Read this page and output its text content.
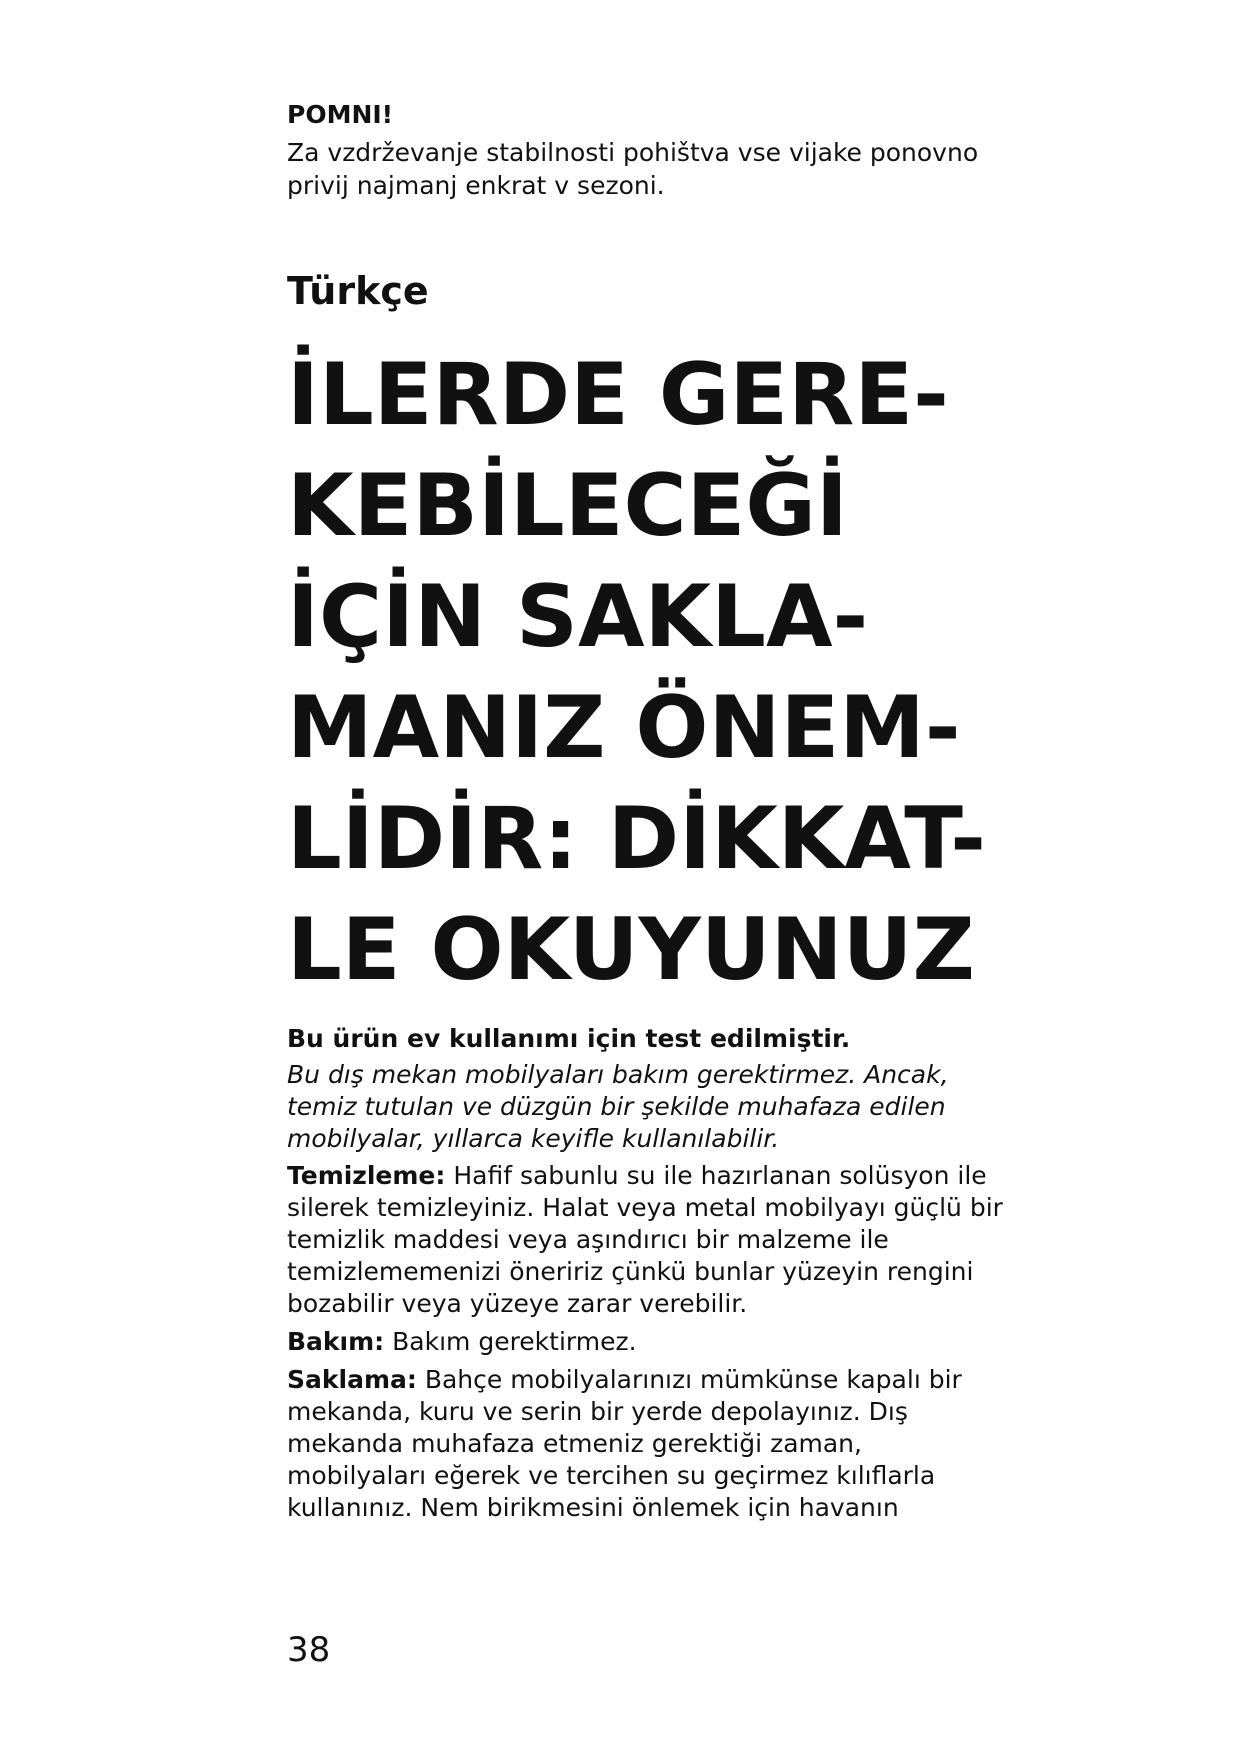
POMNI!

Za vzdrževanje stabilnosti pohištva vse vijake ponovno privij najmanj enkrat v sezoni.

Türkçe
İLERDE GERE-
KEBİLECEĞİ
İÇİN SAKLA-
MANIZ ÖNEM-
LİDİR: DİKKAT-
LE OKUYUNUZ

Bu ürün ev kullanımı için test edilmiştir.

Bu dış mekan mobilyaları bakım gerektirmez. Ancak, temiz tutulan ve düzgün bir şekilde muhafaza edilen mobilyalar, yıllarca keyifle kullanılabilir.

Temizleme: Hafif sabunlu su ile hazırlanan solüsyon ile silerek temizleyiniz. Halat veya metal mobilyayı güçlü bir temizlik maddesi veya aşındırıcı bir malzeme ile temizlememenizi öneririz çünkü bunlar yüzeyin rengini bozabilir veya yüzeye zarar verebilir.

Bakım: Bakım gerektirmez.

Saklama: Bahçe mobilyalarınızı mümkünse kapalı bir mekanda, kuru ve serin bir yerde depolayınız. Dış mekanda muhafaza etmeniz gerektiği zaman, mobilyaları eğerek ve tercihen su geçirmez kılıflarla kullanınız. Nem birikmesini önlemek için havanın

38
